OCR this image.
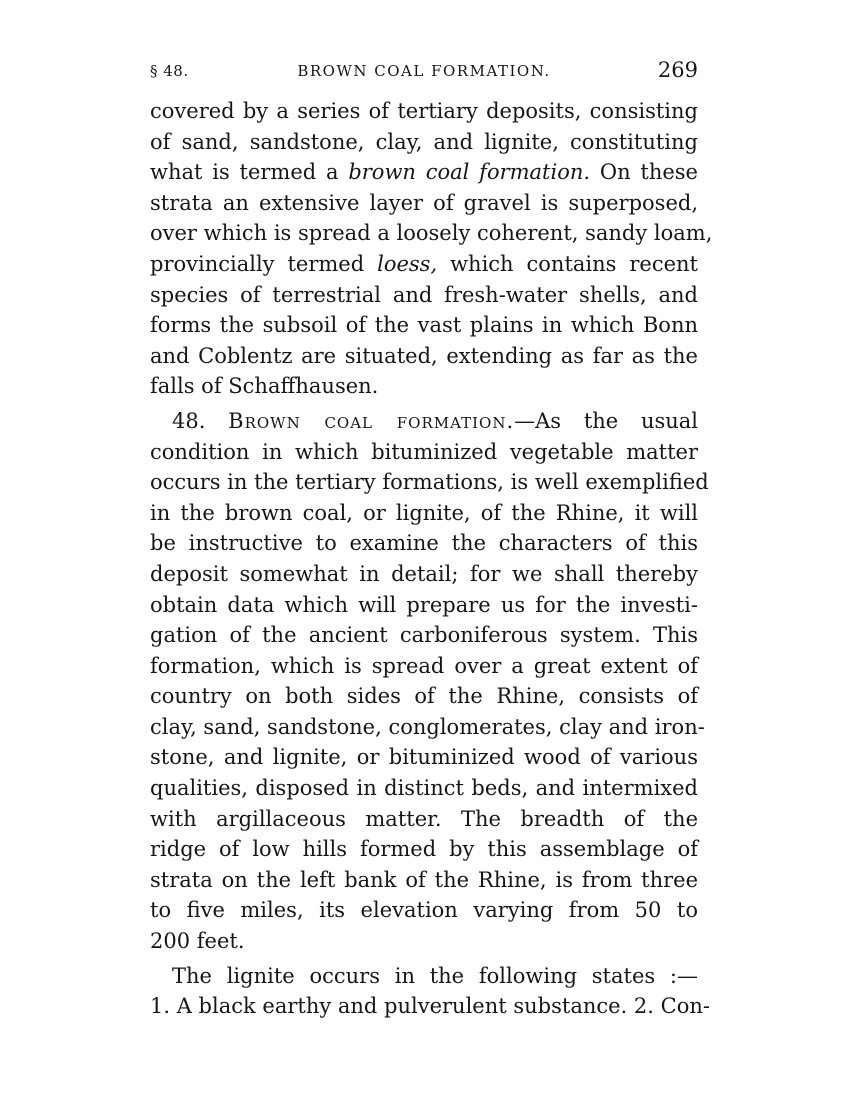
§ 48.	BROWN COAL FORMATION.	269
covered by a series of tertiary deposits, consisting
of sand, sandstone, clay, and lignite, constituting
what is termed a brown coal formation. On these
strata an extensive layer of gravel is superposed,
over which is spread a loosely coherent, sandy loam,
provincially termed loess, which contains recent
species of terrestrial and fresh-water shells, and
forms the subsoil of the vast plains in which Bonn
and Coblentz are situated, extending as far as the
falls of Schaffhausen.
48. Brown coal formation.—As the usual
condition in which bituminized vegetable matter
occurs in the tertiary formations, is well exemplified
in the brown coal, or lignite, of the Rhine, it will
be instructive to examine the characters of this
deposit somewhat in detail; for we shall thereby
obtain data which will prepare us for the investi-
gation of the ancient carboniferous system. This
formation, which is spread over a great extent of
country on both sides of the Rhine, consists of
clay, sand, sandstone, conglomerates, clay and iron-
stone, and lignite, or bituminized wood of various
qualities, disposed in distinct beds, and intermixed
with argillaceous matter. The breadth of the
ridge of low hills formed by this assemblage of
strata on the left bank of the Rhine, is from three
to five miles, its elevation varying from 50 to
200 feet.
The lignite occurs in the following states :—
1. A black earthy and pulverulent substance. 2. Con-
